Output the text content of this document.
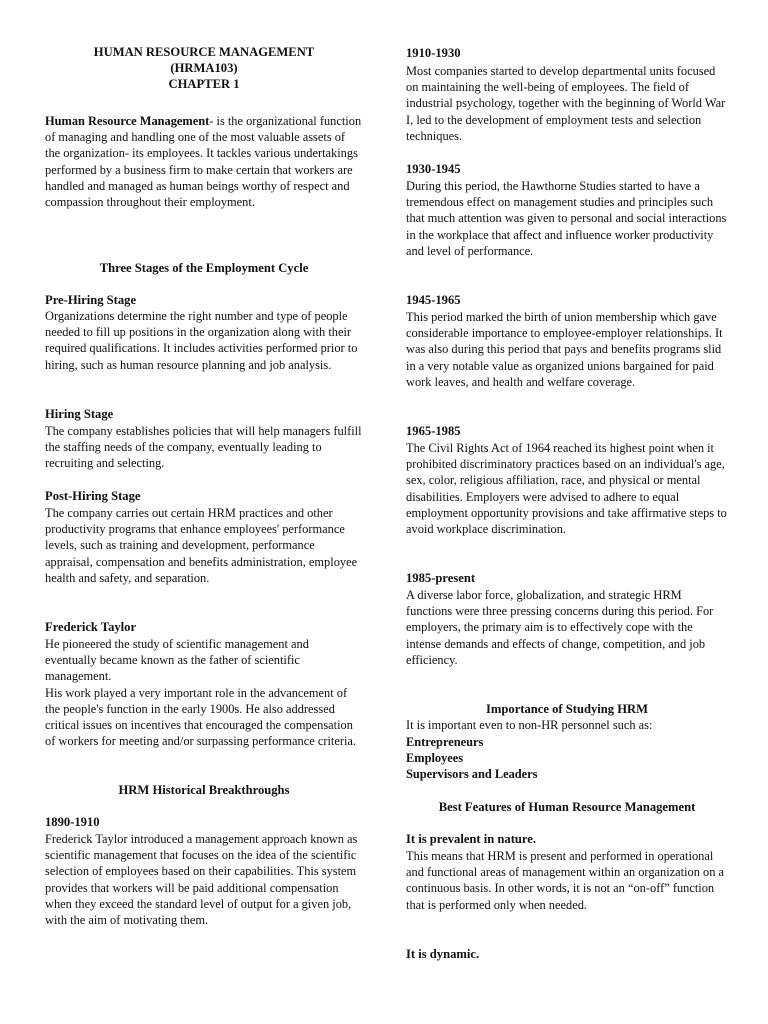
HUMAN RESOURCE MANAGEMENT

(HRMA103)

CHAPTER 1

Human Resource Management- is the organizational function of managing and handling one of the most valuable assets of the organization- its employees. It tackles various undertakings performed by a business firm to make certain that workers are handled and managed as human beings worthy of respect and compassion throughout their employment.

Three Stages of the Employment Cycle

Pre-Hiring Stage

Organizations determine the right number and type of people needed to fill up positions in the organization along with their required qualifications. It includes activities performed prior to hiring, such as human resource planning and job analysis.

Hiring Stage

The company establishes policies that will help managers fulfill the staffing needs of the company, eventually leading to recruiting and selecting.

Post-Hiring Stage

The company carries out certain HRM practices and other productivity programs that enhance employees' performance levels, such as training and development, performance appraisal, compensation and benefits administration, employee health and safety, and separation.

Frederick Taylor

He pioneered the study of scientific management and eventually became known as the father of scientific management.

His work played a very important role in the advancement of the people's function in the early 1900s. He also addressed critical issues on incentives that encouraged the compensation of workers for meeting and/or surpassing performance criteria.

HRM Historical Breakthroughs

1890-1910

Frederick Taylor introduced a management approach known as scientific management that focuses on the idea of the scientific selection of employees based on their capabilities. This system provides that workers will be paid additional compensation when they exceed the standard level of output for a given job, with the aim of motivating them.

1910-1930

Most companies started to develop departmental units focused on maintaining the well-being of employees. The field of industrial psychology, together with the beginning of World War I, led to the development of employment tests and selection techniques.

1930-1945

During this period, the Hawthorne Studies started to have a tremendous effect on management studies and principles such that much attention was given to personal and social interactions in the workplace that affect and influence worker productivity and level of performance.

1945-1965

This period marked the birth of union membership which gave considerable importance to employee-employer relationships. It was also during this period that pays and benefits programs slid in a very notable value as organized unions bargained for paid work leaves, and health and welfare coverage.

1965-1985

The Civil Rights Act of 1964 reached its highest point when it prohibited discriminatory practices based on an individual's age, sex, color, religious affiliation, race, and physical or mental disabilities. Employers were advised to adhere to equal employment opportunity provisions and take affirmative steps to avoid workplace discrimination.

1985-present

A diverse labor force, globalization, and strategic HRM functions were three pressing concerns during this period. For employers, the primary aim is to effectively cope with the intense demands and effects of change, competition, and job efficiency.

Importance of Studying HRM

It is important even to non-HR personnel such as:

Entrepreneurs

Employees

Supervisors and Leaders

Best Features of Human Resource Management

It is prevalent in nature.

This means that HRM is present and performed in operational and functional areas of management within an organization on a continuous basis. In other words, it is not an “on-off” function that is performed only when needed.

It is dynamic.
